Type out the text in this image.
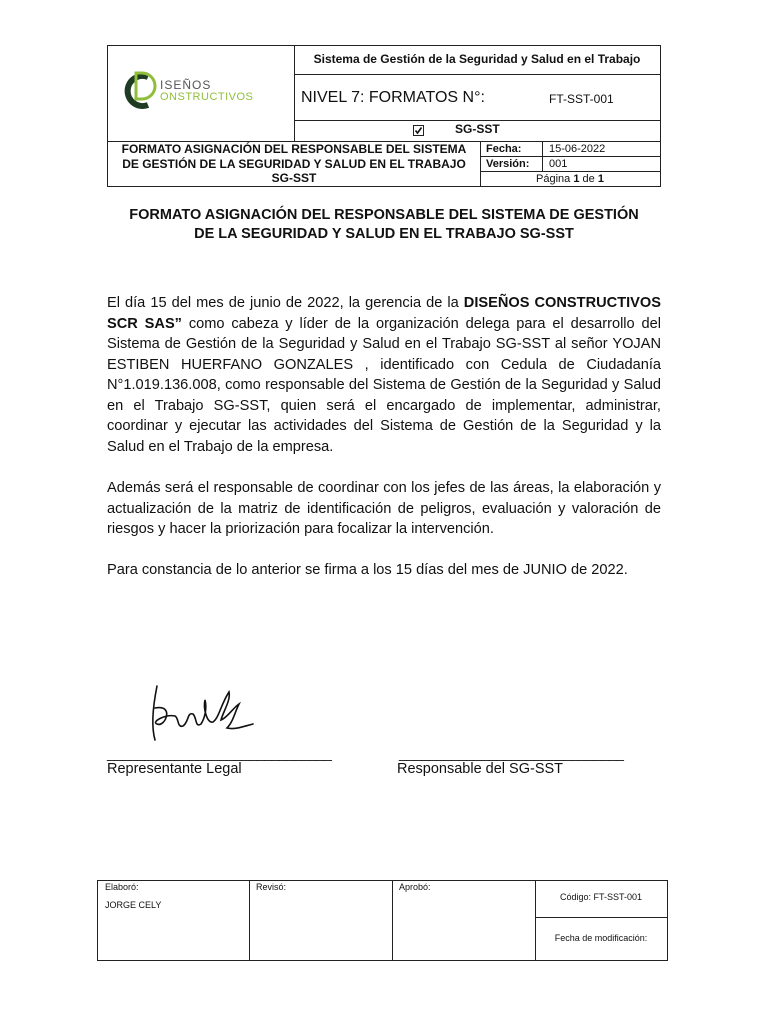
ISEÑOS
ONSTRUCTIVOS
Sistema de Gestión de la Seguridad y Salud en el Trabajo
NIVEL 7: FORMATOS N°:	FT-SST-001
SG-SST
FORMATO ASIGNACIÓN DEL RESPONSABLE DEL SISTEMA DE GESTIÓN DE LA SEGURIDAD Y SALUD EN EL TRABAJO SG-SST
Fecha:	15-06-2022
Versión: 001
Página 1 de 1
FORMATO ASIGNACIÓN DEL RESPONSABLE DEL SISTEMA DE GESTIÓN
DE LA SEGURIDAD Y SALUD EN EL TRABAJO SG-SST
El día 15 del mes de junio de 2022, la gerencia de la DISEÑOS CONSTRUCTIVOS SCR SAS” como cabeza y líder de la organización delega para el desarrollo del Sistema de Gestión de la Seguridad y Salud en el Trabajo SG-SST al señor YOJAN ESTIBEN HUERFANO GONZALES , identificado con Cedula de Ciudadanía N°1.019.136.008, como responsable del Sistema de Gestión de la Seguridad y Salud en el Trabajo SG-SST, quien será el encargado de implementar, administrar, coordinar y ejecutar las actividades del Sistema de Gestión de la Seguridad y la Salud en el Trabajo de la empresa.
Además será el responsable de coordinar con los jefes de las áreas, la elaboración y actualización de la matriz de identificación de peligros, evaluación y valoración de riesgos y hacer la priorización para focalizar la intervención.
Para constancia de lo anterior se firma a los 15 días del mes de JUNIO de 2022.
______________________________
Representante Legal
______________________________
Responsable del SG-SST
Elaboró:
JORGE CELY
Revisó:	Aprobó:
Código: FT-SST-001
Fecha de modificación:
